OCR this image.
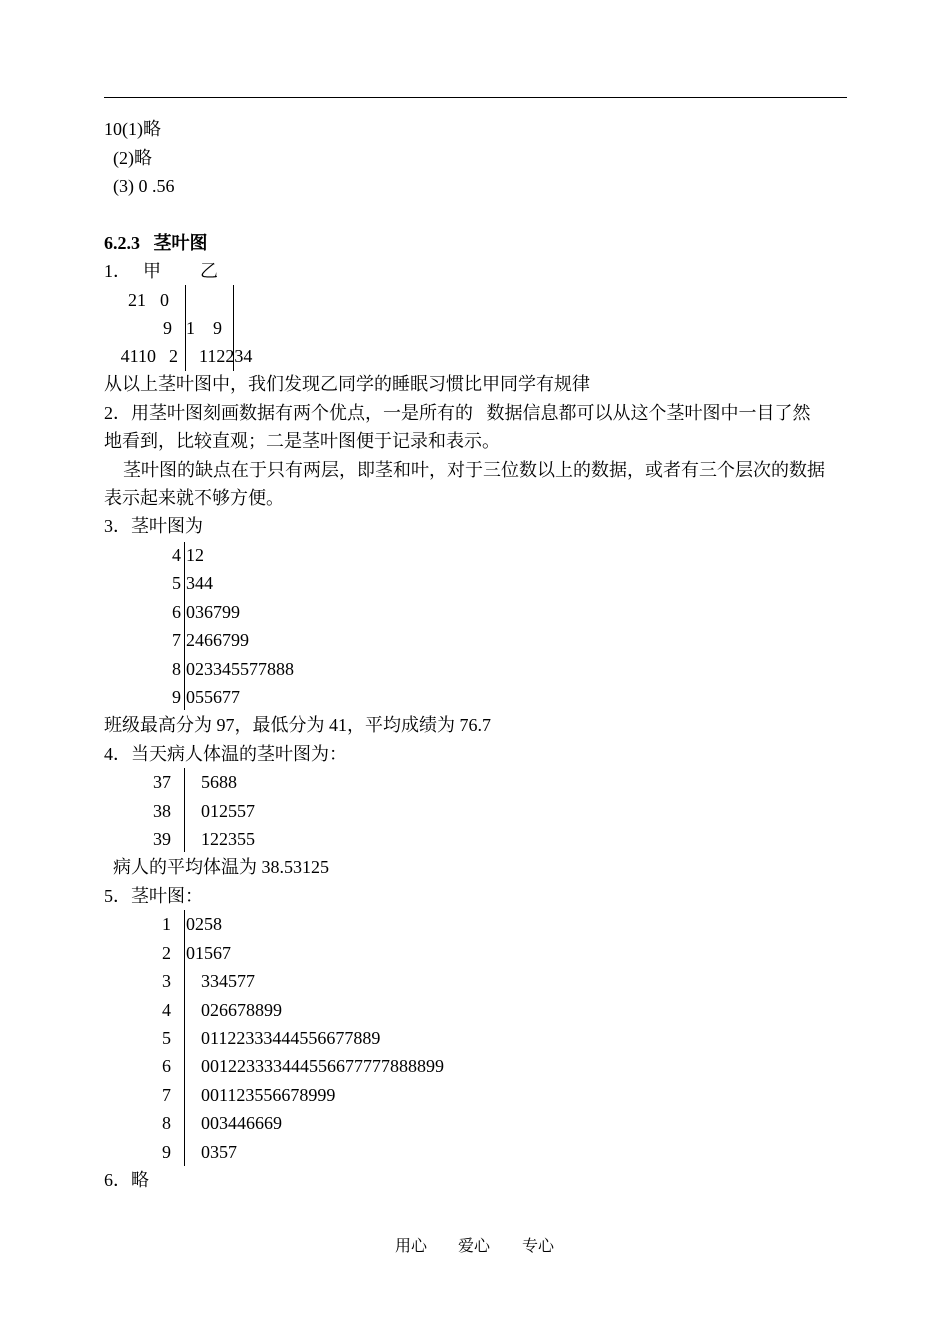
10(1)略
(2)略
(3) 0 .56
6.2.3   茎叶图
1． 甲 乙
21 0
9 1 9
4110 2 112234
从以上茎叶图中，我们发现乙同学的睡眠习惯比甲同学有规律
2．用茎叶图刻画数据有两个优点，一是所有的   数据信息都可以从这个茎叶图中一目了然
地看到，比较直观；二是茎叶图便于记录和表示。
茎叶图的缺点在于只有两层，即茎和叶，对于三位数以上的数据，或者有三个层次的数据
表示起来就不够方便。
3．茎叶图为
4 12
5 344
6 036799
7 2466799
8 023345577888
9 055677
班级最高分为 97，最低分为 41，平均成绩为 76.7
4．当天病人体温的茎叶图为：
37 5688
38 012557
39 122355
病人的平均体温为 38.53125
5．茎叶图：
1 0258
2 01567
3 334577
4 026678899
5 01122333444556677889
6 001223333444556677777888899
7 001123556678999
8 003446669
9 0357
6．略
用心 爱心 专心
